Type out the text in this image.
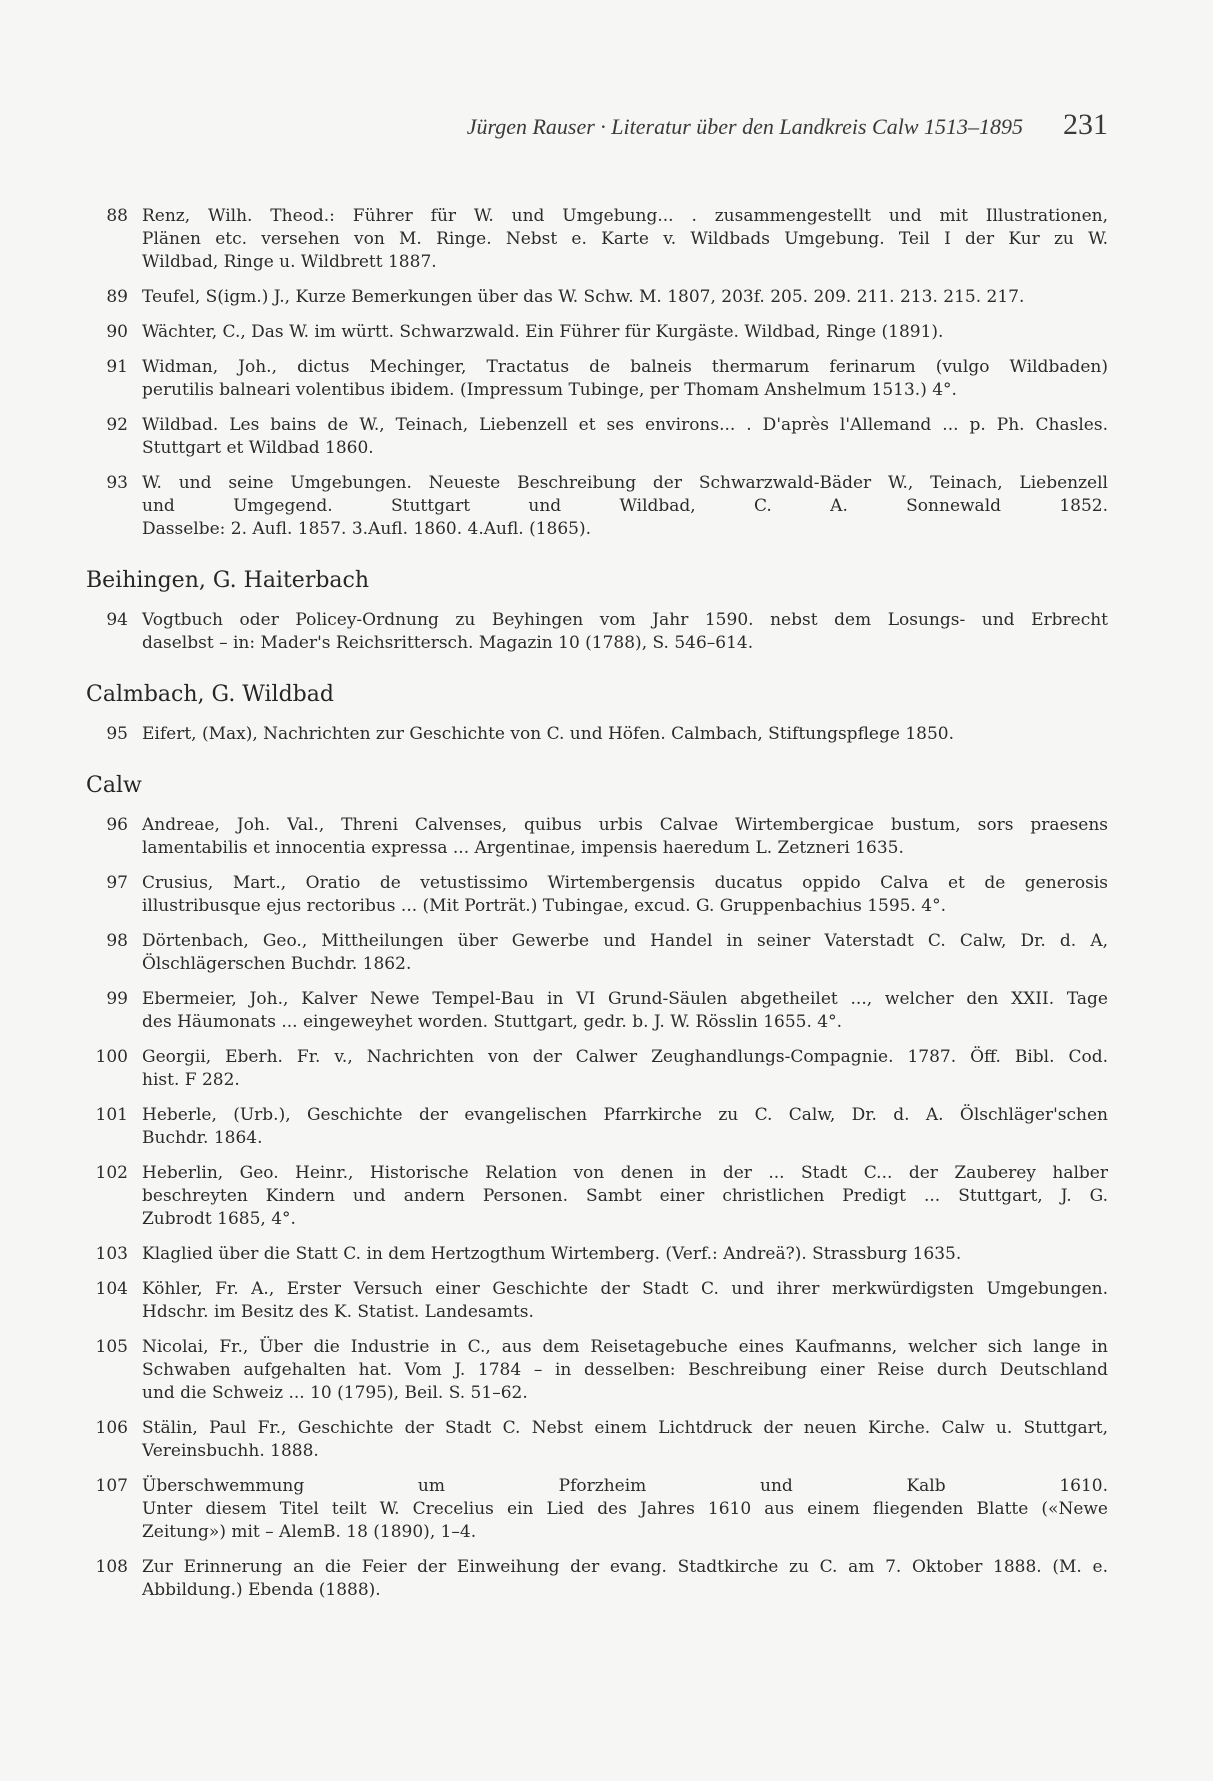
Jürgen Rauser · Literatur über den Landkreis Calw 1513–1895 231
88 Renz, Wilh. Theod.: Führer für W. und Umgebung... . zusammengestellt und mit Illustrationen,
Plänen etc. versehen von M. Ringe. Nebst e. Karte v. Wildbads Umgebung. Teil I der Kur zu W.
Wildbad, Ringe u. Wildbrett 1887.
89 Teufel, S(igm.) J., Kurze Bemerkungen über das W. Schw. M. 1807, 203f. 205. 209. 211. 213. 215. 217.
90 Wächter, C., Das W. im württ. Schwarzwald. Ein Führer für Kurgäste. Wildbad, Ringe (1891).
91 Widman, Joh., dictus Mechinger, Tractatus de balneis thermarum ferinarum (vulgo Wildbaden)
perutilis balneari volentibus ibidem. (Impressum Tubinge, per Thomam Anshelmum 1513.) 4°.
92 Wildbad. Les bains de W., Teinach, Liebenzell et ses environs... . D'après l'Allemand ... p. Ph. Chasles.
Stuttgart et Wildbad 1860.
93 W. und seine Umgebungen. Neueste Beschreibung der Schwarzwald-Bäder W., Teinach, Liebenzell
und Umgegend. Stuttgart und Wildbad, C. A. Sonnewald 1852.
Dasselbe: 2. Aufl. 1857. 3.Aufl. 1860. 4.Aufl. (1865).
Beihingen, G. Haiterbach
94 Vogtbuch oder Policey-Ordnung zu Beyhingen vom Jahr 1590. nebst dem Losungs- und Erbrecht
daselbst – in: Mader's Reichsrittersch. Magazin 10 (1788), S. 546–614.
Calmbach, G. Wildbad
95 Eifert, (Max), Nachrichten zur Geschichte von C. und Höfen. Calmbach, Stiftungspflege 1850.
Calw
96 Andreae, Joh. Val., Threni Calvenses, quibus urbis Calvae Wirtembergicae bustum, sors praesens
lamentabilis et innocentia expressa ... Argentinae, impensis haeredum L. Zetzneri 1635.
97 Crusius, Mart., Oratio de vetustissimo Wirtembergensis ducatus oppido Calva et de generosis
illustribusque ejus rectoribus ... (Mit Porträt.) Tubingae, excud. G. Gruppenbachius 1595. 4°.
98 Dörtenbach, Geo., Mittheilungen über Gewerbe und Handel in seiner Vaterstadt C. Calw, Dr. d. A,
Ölschlägerschen Buchdr. 1862.
99 Ebermeier, Joh., Kalver Newe Tempel-Bau in VI Grund-Säulen abgetheilet ..., welcher den XXII. Tage
des Häumonats ... eingeweyhet worden. Stuttgart, gedr. b. J. W. Rösslin 1655. 4°.
100 Georgii, Eberh. Fr. v., Nachrichten von der Calwer Zeughandlungs-Compagnie. 1787. Öff. Bibl. Cod.
hist. F 282.
101 Heberle, (Urb.), Geschichte der evangelischen Pfarrkirche zu C. Calw, Dr. d. A. Ölschläger'schen
Buchdr. 1864.
102 Heberlin, Geo. Heinr., Historische Relation von denen in der ... Stadt C... der Zauberey halber
beschreyten Kindern und andern Personen. Sambt einer christlichen Predigt ... Stuttgart, J. G.
Zubrodt 1685, 4°.
103 Klaglied über die Statt C. in dem Hertzogthum Wirtemberg. (Verf.: Andreä?). Strassburg 1635.
104 Köhler, Fr. A., Erster Versuch einer Geschichte der Stadt C. und ihrer merkwürdigsten Umgebungen.
Hdschr. im Besitz des K. Statist. Landesamts.
105 Nicolai, Fr., Über die Industrie in C., aus dem Reisetagebuche eines Kaufmanns, welcher sich lange in
Schwaben aufgehalten hat. Vom J. 1784 – in desselben: Beschreibung einer Reise durch Deutschland
und die Schweiz ... 10 (1795), Beil. S. 51–62.
106 Stälin, Paul Fr., Geschichte der Stadt C. Nebst einem Lichtdruck der neuen Kirche. Calw u. Stuttgart,
Vereinsbuchh. 1888.
107 Überschwemmung um Pforzheim und Kalb 1610.
Unter diesem Titel teilt W. Crecelius ein Lied des Jahres 1610 aus einem fliegenden Blatte («Newe
Zeitung») mit – AlemB. 18 (1890), 1–4.
108 Zur Erinnerung an die Feier der Einweihung der evang. Stadtkirche zu C. am 7. Oktober 1888. (M. e.
Abbildung.) Ebenda (1888).
